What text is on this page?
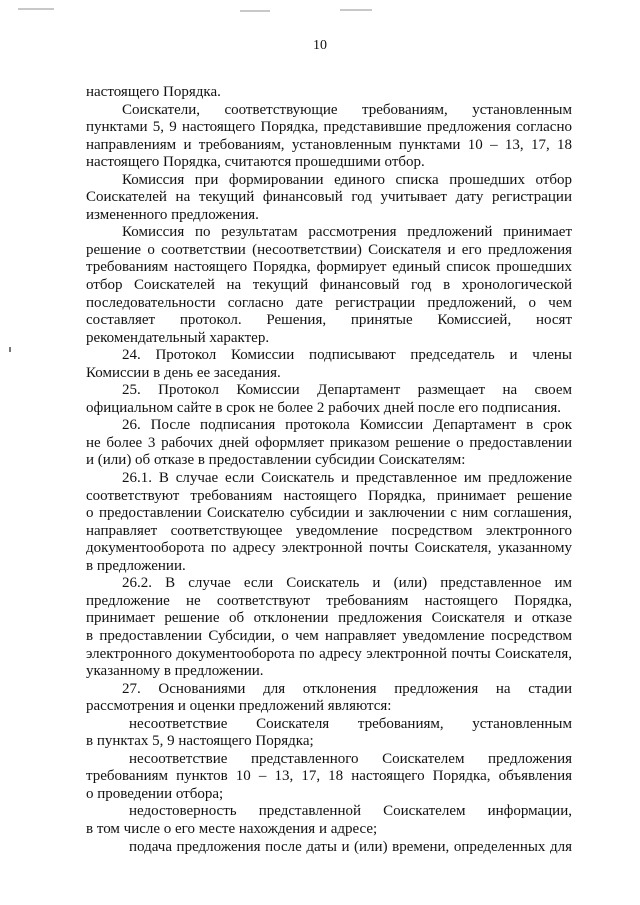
10
настоящего Порядка.
Соискатели, соответствующие требованиям, установленным
пунктами 5, 9 настоящего Порядка, представившие предложения согласно
направлениям и требованиям, установленным пунктами 10 – 13, 17, 18
настоящего Порядка, считаются прошедшими отбор.
Комиссия при формировании единого списка прошедших отбор
Соискателей на текущий финансовый год учитывает дату регистрации
измененного предложения.
Комиссия по результатам рассмотрения предложений принимает
решение о соответствии (несоответствии) Соискателя и его предложения
требованиям настоящего Порядка, формирует единый список прошедших
отбор Соискателей на текущий финансовый год в хронологической
последовательности согласно дате регистрации предложений, о чем
составляет протокол. Решения, принятые Комиссией, носят
рекомендательный характер.
24. Протокол Комиссии подписывают председатель и члены
Комиссии в день ее заседания.
25. Протокол Комиссии Департамент размещает на своем
официальном сайте в срок не более 2 рабочих дней после его подписания.
26. После подписания протокола Комиссии Департамент в срок
не более 3 рабочих дней оформляет приказом решение о предоставлении
и (или) об отказе в предоставлении субсидии Соискателям:
26.1. В случае если Соискатель и представленное им предложение
соответствуют требованиям настоящего Порядка, принимает решение
о предоставлении Соискателю субсидии и заключении с ним соглашения,
направляет соответствующее уведомление посредством электронного
документооборота по адресу электронной почты Соискателя, указанному
в предложении.
26.2. В случае если Соискатель и (или) представленное им
предложение не соответствуют требованиям настоящего Порядка,
принимает решение об отклонении предложения Соискателя и отказе
в предоставлении Субсидии, о чем направляет уведомление посредством
электронного документооборота по адресу электронной почты Соискателя,
указанному в предложении.
27. Основаниями для отклонения предложения на стадии
рассмотрения и оценки предложений являются:
несоответствие Соискателя требованиям, установленным
в пунктах 5, 9 настоящего Порядка;
несоответствие представленного Соискателем предложения
требованиям пунктов 10 – 13, 17, 18 настоящего Порядка, объявления
о проведении отбора;
недостоверность представленной Соискателем информации,
в том числе о его месте нахождения и адресе;
подача предложения после даты и (или) времени, определенных для
